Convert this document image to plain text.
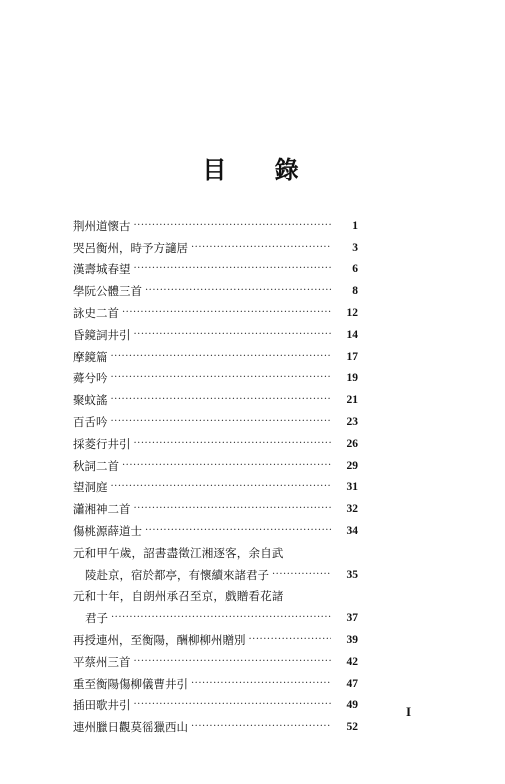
目 錄
荆州道懷古 ·····	1
哭呂衡州，時予方讁居 ·····	3
漢壽城春望 ·····	6
學阮公體三首 ·····	8
詠史二首 ·····	12
昏鏡詞井引 ·····	14
摩鏡篇 ·····	17
蕣兮吟 ·····	19
聚蚊謠 ·····	21
百舌吟 ·····	23
採菱行井引 ·····	26
秋詞二首 ·····	29
望洞庭 ·····	31
瀟湘神二首 ·····	32
傷桃源薛道士 ·····	34
元和甲午歲，詔書盡徵江湘逐客，余自武
陵赴京，宿於都亭，有懷續來諸君子 ·····	35
元和十年，自朗州承召至京，戲贈看花諸
君子 ·····	37
再授連州，至衡陽，酬柳柳州贈別 ·····	39
平蔡州三首 ·····	42
重至衡陽傷柳儀曹井引 ·····	47
插田歌井引 ·····	49
連州臘日觀莫徭獵西山 ·····	52
I
